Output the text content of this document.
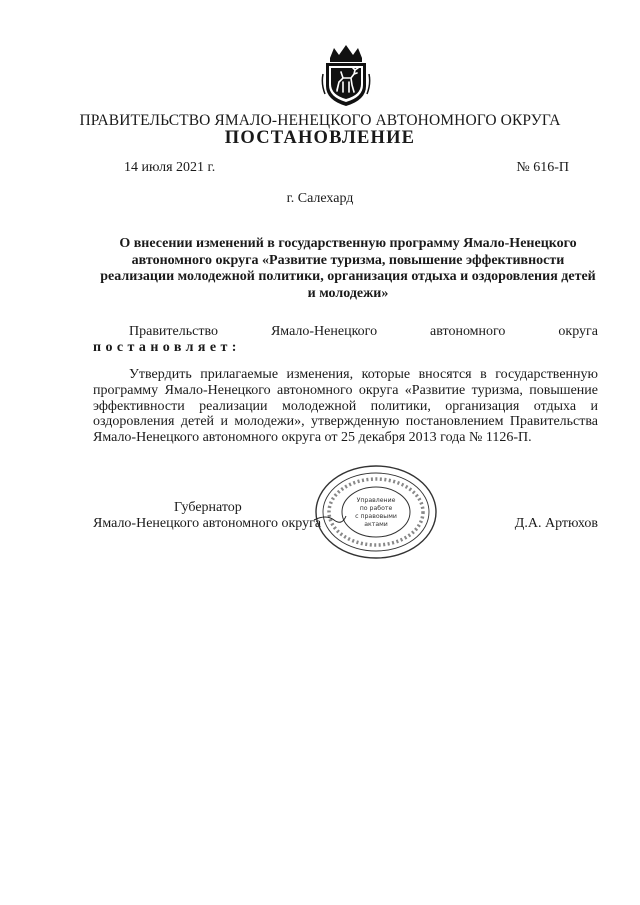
ПРАВИТЕЛЬСТВО ЯМАЛО-НЕНЕЦКОГО АВТОНОМНОГО ОКРУГА
ПОСТАНОВЛЕНИЕ
14 июля 2021 г.	№ 616-П
г. Салехард
О внесении изменений в государственную программу Ямало-Ненецкого автономного округа «Развитие туризма, повышение эффективности реализации молодежной политики, организация отдыха и оздоровления детей и молодежи»
Правительство	Ямало-Ненецкого	автономного	округа
постановляет:
Утвердить прилагаемые изменения, которые вносятся в государственную программу Ямало-Ненецкого автономного округа «Развитие туризма, повышение эффективности реализации молодежной политики, организация отдыха и оздоровления детей и молодежи», утвержденную постановлением Правительства Ямало-Ненецкого автономного округа от 25 декабря 2013 года № 1126-П.
Губернатор
Ямало-Ненецкого автономного округа	Д.А. Артюхов
Управление
по работе
с правовыми
актами
